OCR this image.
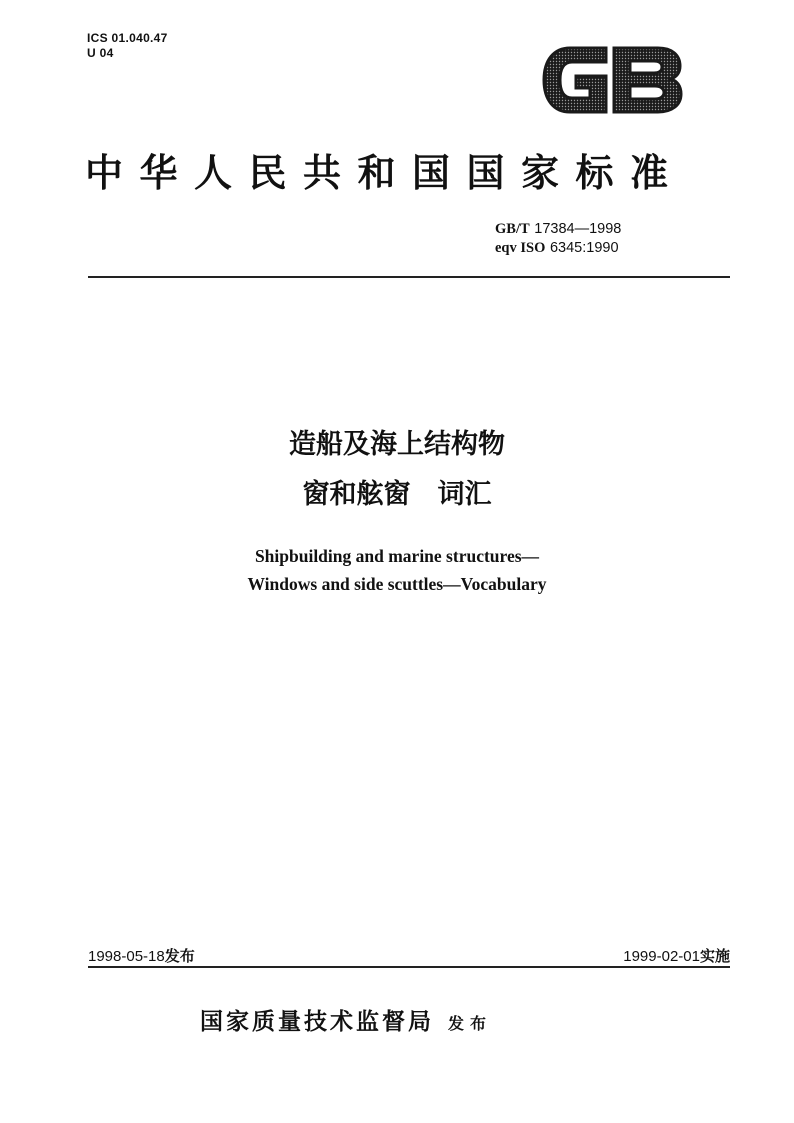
ICS 01.040.47
U 04
中华人民共和国国家标准
GB/T 17384—1998
eqv ISO 6345:1990
造船及海上结构物
窗和舷窗　词汇
Shipbuilding and marine structures—
Windows and side scuttles—Vocabulary
1998-05-18发布	1999-02-01实施
国家质量技术监督局 发布
